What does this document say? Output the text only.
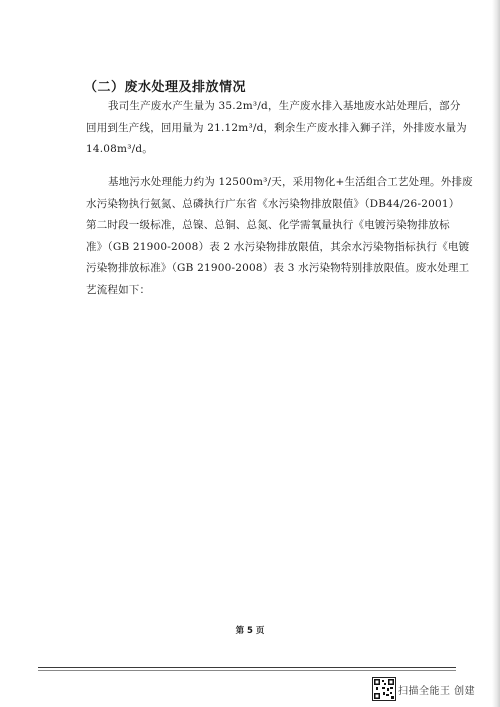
（二）废水处理及排放情况
我司生产废水产生量为 35.2m³/d，生产废水排入基地废水站处理后，部分
回用到生产线，回用量为 21.12m³/d，剩余生产废水排入狮子洋，外排废水量为
14.08m³/d。
基地污水处理能力约为 12500m³/天，采用物化+生活组合工艺处理。外排废
水污染物执行氨氮、总磷执行广东省《水污染物排放限值》（DB44/26-2001）
第二时段一级标准，总镍、总铜、总氮、化学需氧量执行《电镀污染物排放标
准》（GB 21900-2008）表 2 水污染物排放限值，其余水污染物指标执行《电镀
污染物排放标准》（GB 21900-2008）表 3 水污染物特别排放限值。废水处理工
艺流程如下：
第 5 页
扫描全能王 创建
